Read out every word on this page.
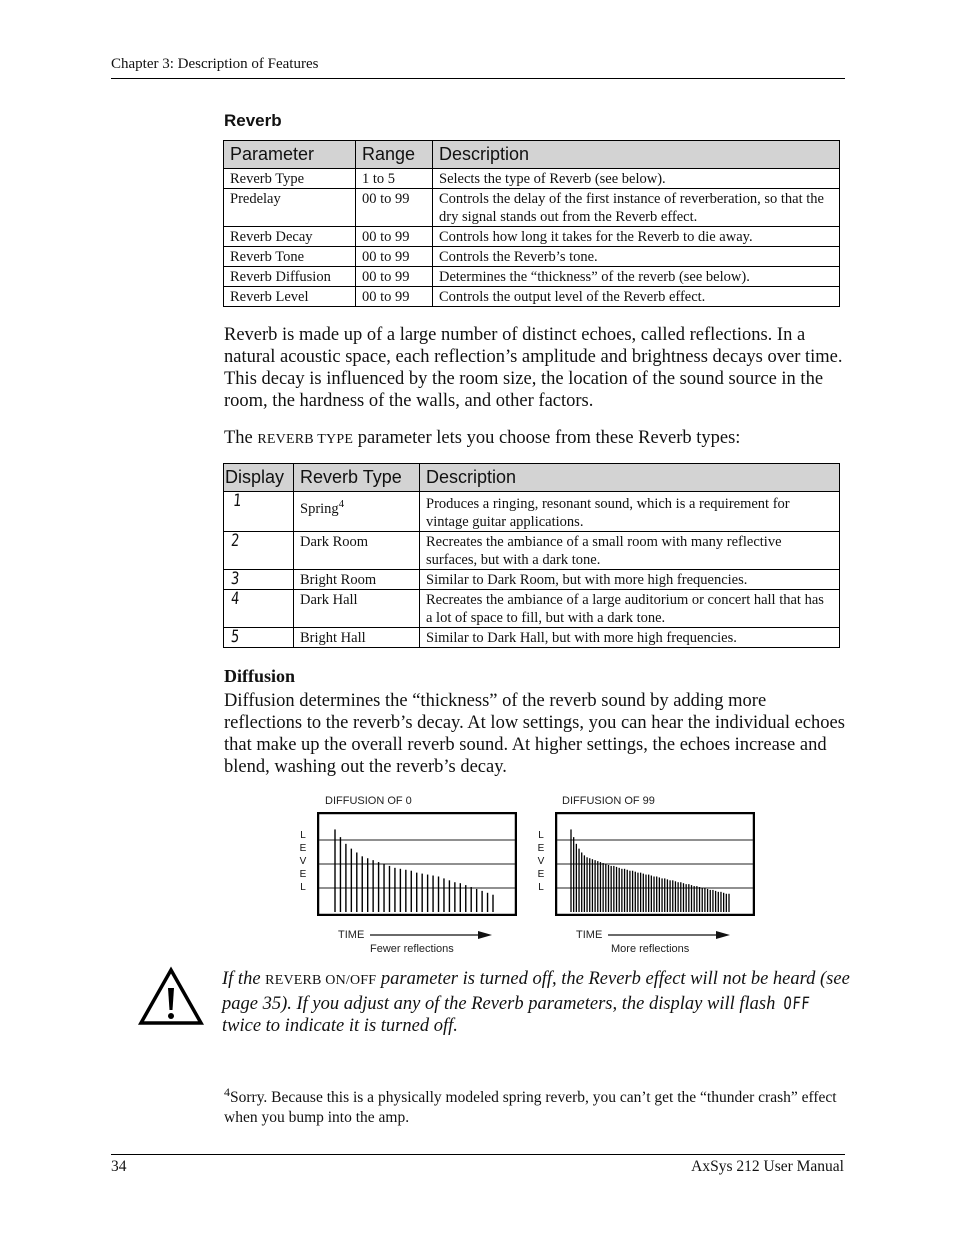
Chapter 3: Description of Features
Reverb
Parameter	Range	Description
Reverb Type	1 to 5	Selects the type of Reverb (see below).
Predelay	00 to 99	Controls the delay of the first instance of reverberation, so that the dry signal stands out from the Reverb effect.
Reverb Decay	00 to 99	Controls how long it takes for the Reverb to die away.
Reverb Tone	00 to 99	Controls the Reverb’s tone.
Reverb Diffusion	00 to 99	Determines the “thickness” of the reverb (see below).
Reverb Level	00 to 99	Controls the output level of the Reverb effect.
Reverb is made up of a large number of distinct echoes, called reflections. In a natural acoustic space, each reflection’s amplitude and brightness decays over time. This decay is influenced by the room size, the location of the sound source in the room, the hardness of the walls, and other factors.
The REVERB TYPE parameter lets you choose from these Reverb types:
Display	Reverb Type	Description
1	Spring$^4$	Produces a ringing, resonant sound, which is a requirement for vintage guitar applications.
2	Dark Room	Recreates the ambiance of a small room with many reflective surfaces, but with a dark tone.
3	Bright Room	Similar to Dark Room, but with more high frequencies.
4	Dark Hall	Recreates the ambiance of a large auditorium or concert hall that has a lot of space to fill, but with a dark tone.
5	Bright Hall	Similar to Dark Hall, but with more high frequencies.
Diffusion
Diffusion determines the “thickness” of the reverb sound by adding more reflections to the reverb’s decay. At low settings, you can hear the individual echoes that make up the overall reverb sound. At higher settings, the echoes increase and blend, washing out the reverb’s decay.
DIFFUSION OF 0
L
E
V
E
L
TIME
Fewer reflections
DIFFUSION OF 99
L
E
V
E
L
TIME
More reflections
If the REVERB ON/OFF parameter is turned off, the Reverb effect will not be heard (see page 35). If you adjust any of the Reverb parameters, the display will flash OFF twice to indicate it is turned off.
$^4$Sorry. Because this is a physically modeled spring reverb, you can’t get the “thunder crash” effect when you bump into the amp.
34	AxSys 212 User Manual
